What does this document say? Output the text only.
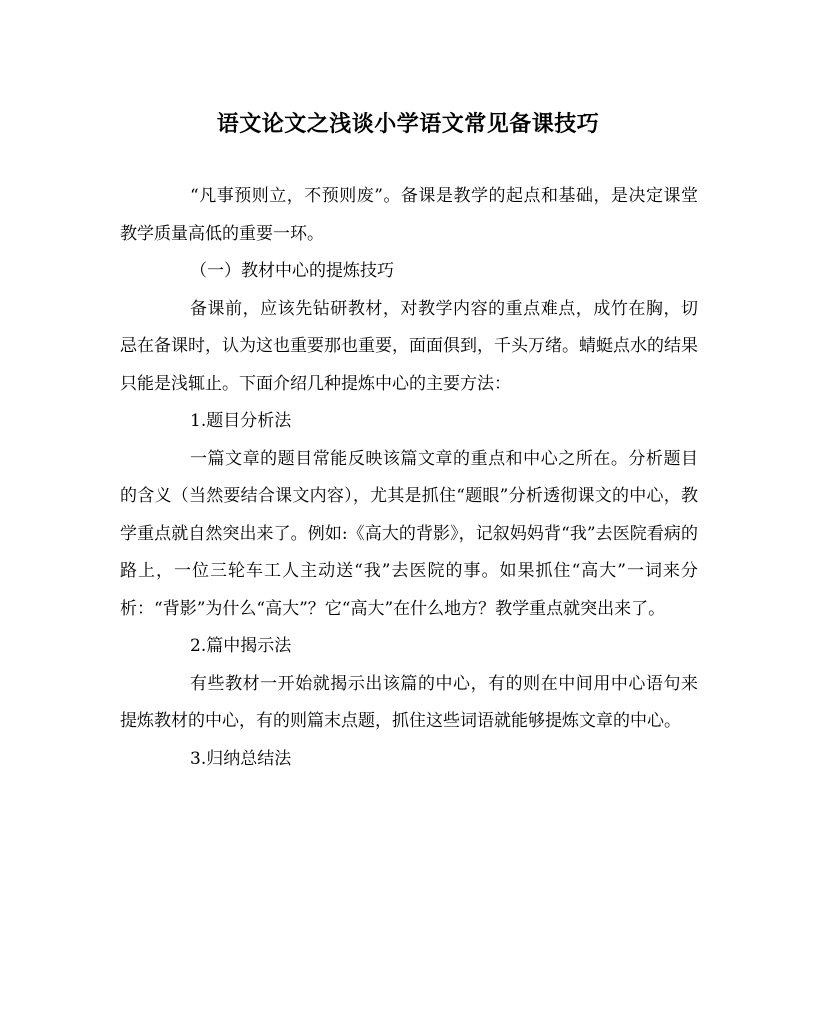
语文论文之浅谈小学语文常见备课技巧

“凡事预则立，不预则废”。备课是教学的起点和基础，是决定课堂教学质量高低的重要一环。

（一）教材中心的提炼技巧

备课前，应该先钻研教材，对教学内容的重点难点，成竹在胸，切忌在备课时，认为这也重要那也重要，面面俱到，千头万绪。蜻蜓点水的结果只能是浅辄止。下面介绍几种提炼中心的主要方法：

1.题目分析法

一篇文章的题目常能反映该篇文章的重点和中心之所在。分析题目的含义（当然要结合课文内容），尤其是抓住“题眼”分析透彻课文的中心，教学重点就自然突出来了。例如:《高大的背影》，记叙妈妈背“我”去医院看病的路上，一位三轮车工人主动送“我”去医院的事。如果抓住“高大”一词来分析：“背影”为什么“高大”？它“高大”在什么地方？教学重点就突出来了。

2.篇中揭示法

有些教材一开始就揭示出该篇的中心，有的则在中间用中心语句来提炼教材的中心，有的则篇末点题，抓住这些词语就能够提炼文章的中心。

3.归纳总结法
